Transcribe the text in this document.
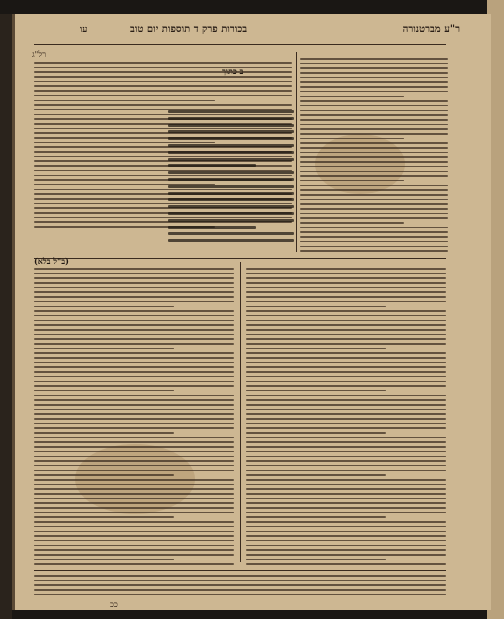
ר"ע מברטנורה
בכורות פרק ד תוספות יום טוב
עו
רל"ג
ב כתוך
(ב"ל בלא)
ככ
